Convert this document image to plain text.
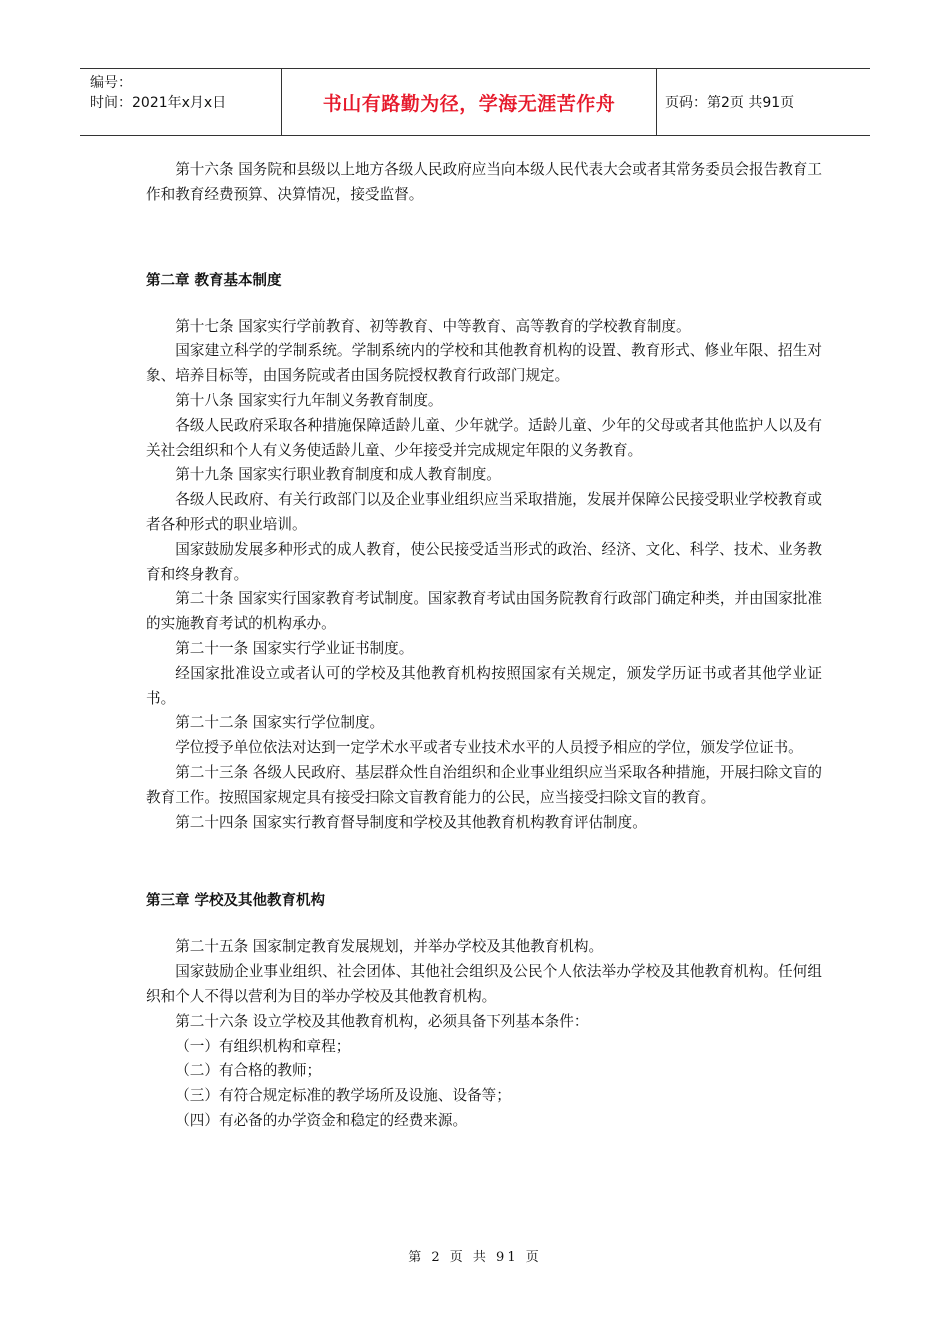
编号：
时间：2021年x月x日	书山有路勤为径，学海无涯苦作舟	页码：第2页 共91页

第十六条 国务院和县级以上地方各级人民政府应当向本级人民代表大会或者其常务委员会报告教育工作和教育经费预算、决算情况，接受监督。

第二章 教育基本制度

第十七条 国家实行学前教育、初等教育、中等教育、高等教育的学校教育制度。

国家建立科学的学制系统。学制系统内的学校和其他教育机构的设置、教育形式、修业年限、招生对象、培养目标等，由国务院或者由国务院授权教育行政部门规定。

第十八条 国家实行九年制义务教育制度。

各级人民政府采取各种措施保障适龄儿童、少年就学。适龄儿童、少年的父母或者其他监护人以及有关社会组织和个人有义务使适龄儿童、少年接受并完成规定年限的义务教育。

第十九条 国家实行职业教育制度和成人教育制度。

各级人民政府、有关行政部门以及企业事业组织应当采取措施，发展并保障公民接受职业学校教育或者各种形式的职业培训。

国家鼓励发展多种形式的成人教育，使公民接受适当形式的政治、经济、文化、科学、技术、业务教育和终身教育。

第二十条 国家实行国家教育考试制度。国家教育考试由国务院教育行政部门确定种类，并由国家批准的实施教育考试的机构承办。

第二十一条 国家实行学业证书制度。

经国家批准设立或者认可的学校及其他教育机构按照国家有关规定，颁发学历证书或者其他学业证书。

第二十二条 国家实行学位制度。

学位授予单位依法对达到一定学术水平或者专业技术水平的人员授予相应的学位，颁发学位证书。

第二十三条 各级人民政府、基层群众性自治组织和企业事业组织应当采取各种措施，开展扫除文盲的教育工作。按照国家规定具有接受扫除文盲教育能力的公民，应当接受扫除文盲的教育。

第二十四条 国家实行教育督导制度和学校及其他教育机构教育评估制度。

第三章 学校及其他教育机构

第二十五条 国家制定教育发展规划，并举办学校及其他教育机构。

国家鼓励企业事业组织、社会团体、其他社会组织及公民个人依法举办学校及其他教育机构。任何组织和个人不得以营利为目的举办学校及其他教育机构。

第二十六条 设立学校及其他教育机构，必须具备下列基本条件：

（一）有组织机构和章程；

（二）有合格的教师；

（三）有符合规定标准的教学场所及设施、设备等；

（四）有必备的办学资金和稳定的经费来源。

第 2 页 共 91 页
